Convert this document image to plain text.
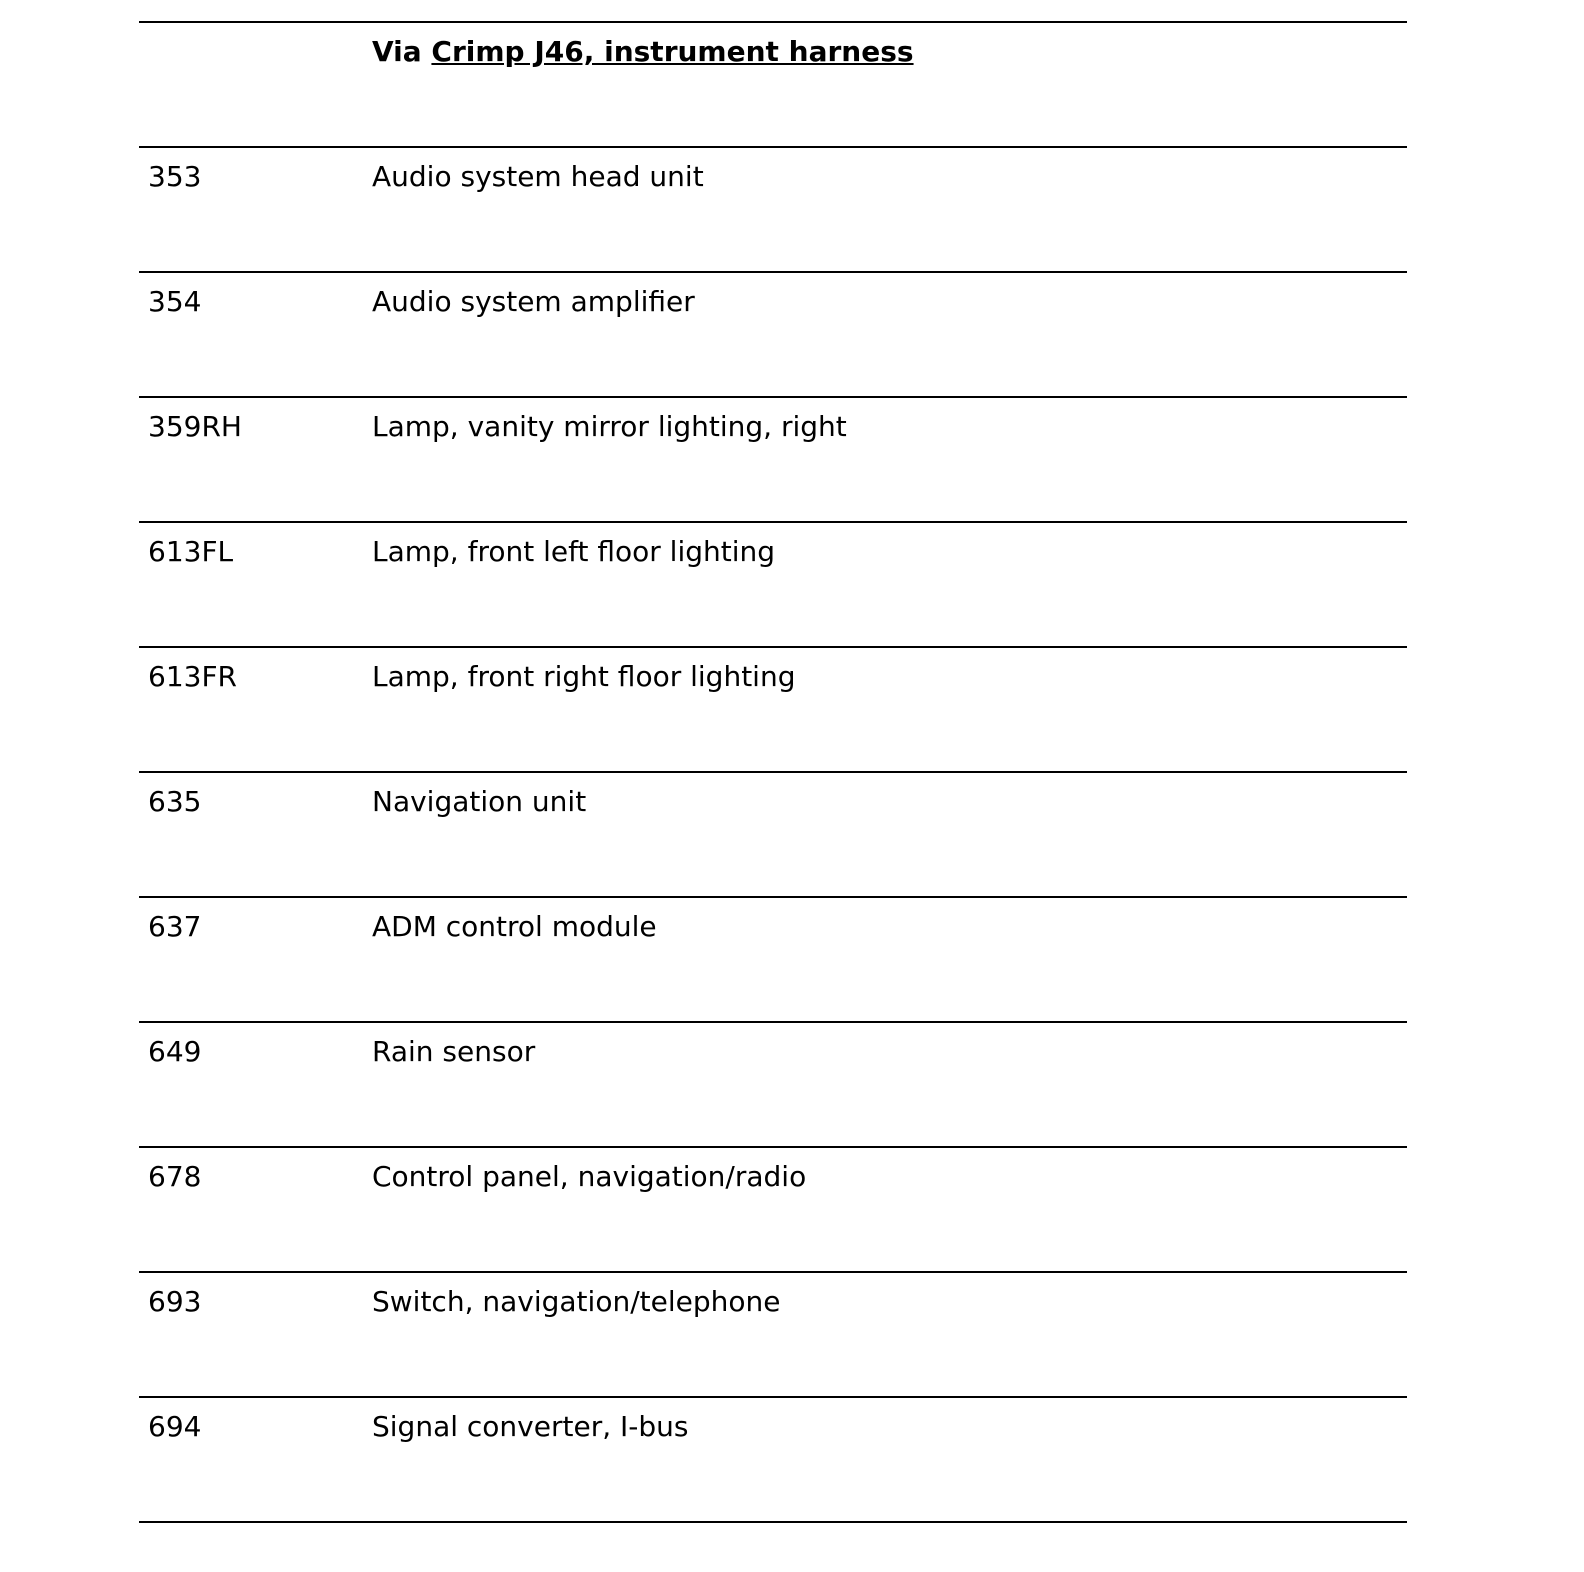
Via Crimp J46, instrument harness
353	Audio system head unit
354	Audio system amplifier
359RH	Lamp, vanity mirror lighting, right
613FL	Lamp, front left floor lighting
613FR	Lamp, front right floor lighting
635	Navigation unit
637	ADM control module
649	Rain sensor
678	Control panel, navigation/radio
693	Switch, navigation/telephone
694	Signal converter, I-bus
